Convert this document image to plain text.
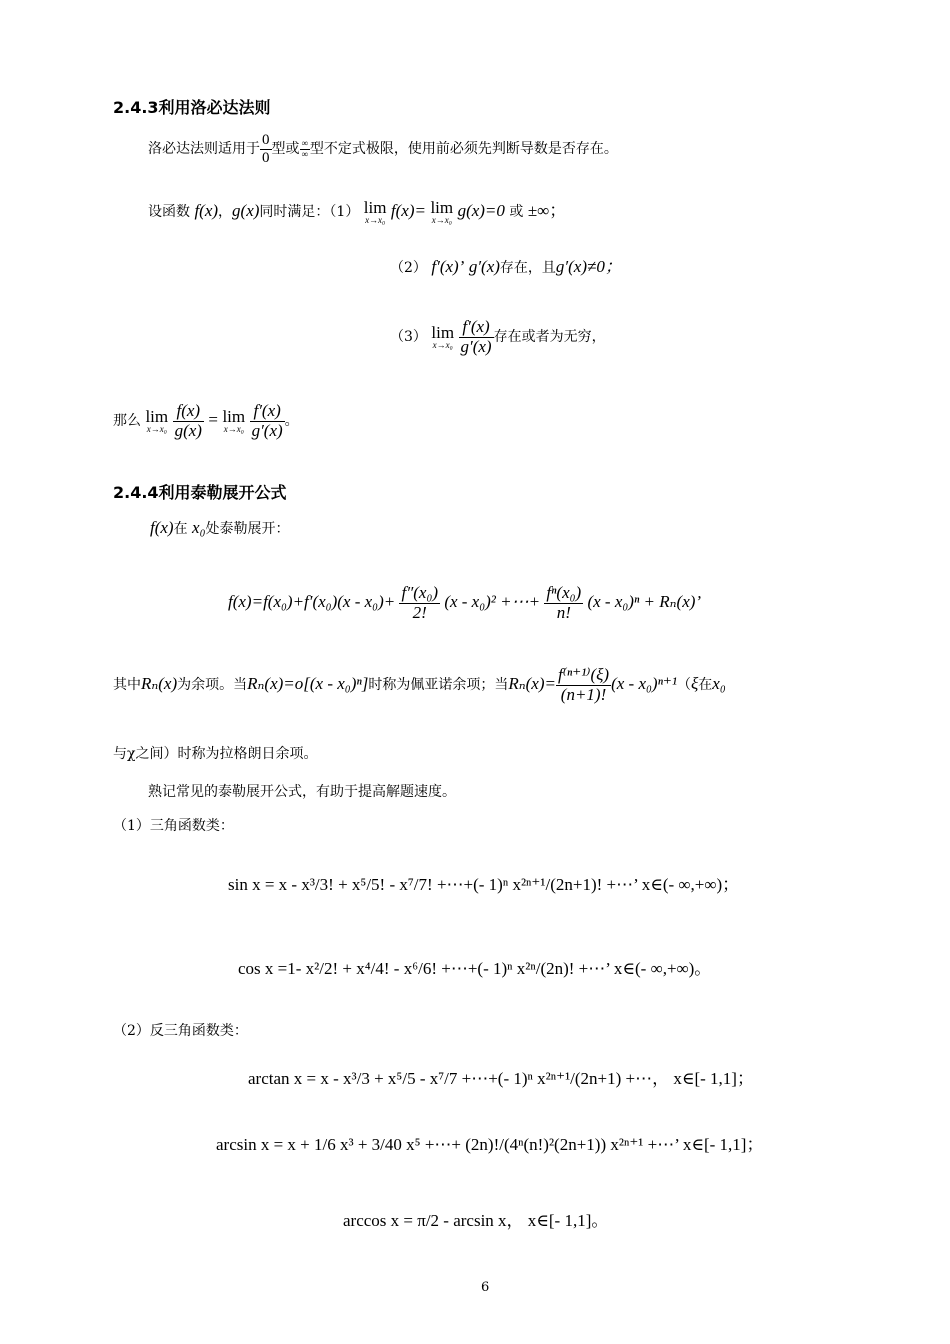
2.4.3利用洛必达法则
洛必达法则适用于 $\frac{0}{0}$ 型或 $\frac{\infty}{\infty}$ 型不定式极限，使用前必须先判断导数是否存在。
设函数 f(x)，g(x)同时满足：（1） lim
x→x₀ f(x)= lim
x→x₀ g(x)=0 或 ±∞；
（2） f′(x)’ g′(x)存在，且g′(x)≠0；
（3） lim
x→x₀
$\frac{f'(x)}{g'(x)}$ 存在或者为无穷，
那么 lim
x→x₀
$\frac{f(x)}{g(x)} = \lim$
x→x₀
$\frac{f'(x)}{g'(x)}$ 。
2.4.4利用泰勒展开公式
f(x)在 x₀处泰勒展开：
$f(x)=f(x_0)+f'(x_0)(x - x_0)+ \frac{\text{f″(x₀)}}{2!} (x - x_0)^2$ +⋯+ $\frac{\text{fⁿ(x₀)}}{n!} (x - x_0)^n + R_n(x)$’
其中Rₙ(x)为余项。当Rₙ(x)=o[(x - x₀)ⁿ]时称为佩亚诺余项；当$R_n(x)= \frac{\text{f⁽ⁿ⁺¹⁾(ξ)}}{(n+1)!} (x - x_0)^{n+1}(\xi$在x₀
与χ之间）时称为拉格朗日余项。
熟记常见的泰勒展开公式，有助于提高解题速度。
（1）三角函数类：
sin x = x - x³/3! + x⁵/5! - x⁷/7! +⋯+(- 1)ⁿ x²ⁿ⁺¹/(2n+1)! +⋯’ x∈(- ∞,+∞)；
cos x =1- x²/2! + x⁴/4! - x⁶/6! +⋯+(- 1)ⁿ x²ⁿ/(2n)! +⋯’ x∈(- ∞,+∞)。
（2）反三角函数类：
arctan x = x - x³/3 + x⁵/5 - x⁷/7 +⋯+(- 1)ⁿ x²ⁿ⁺¹/(2n+1) +⋯， x∈[- 1,1]；
arcsin x = x + 1/6 x³ + 3/40 x⁵ +⋯+ (2n)!/(4ⁿ(n!)²(2n+1)) x²ⁿ⁺¹ +⋯’ x∈[- 1,1]；
arccos x = π/2 - arcsin x， x∈[- 1,1]。
6
